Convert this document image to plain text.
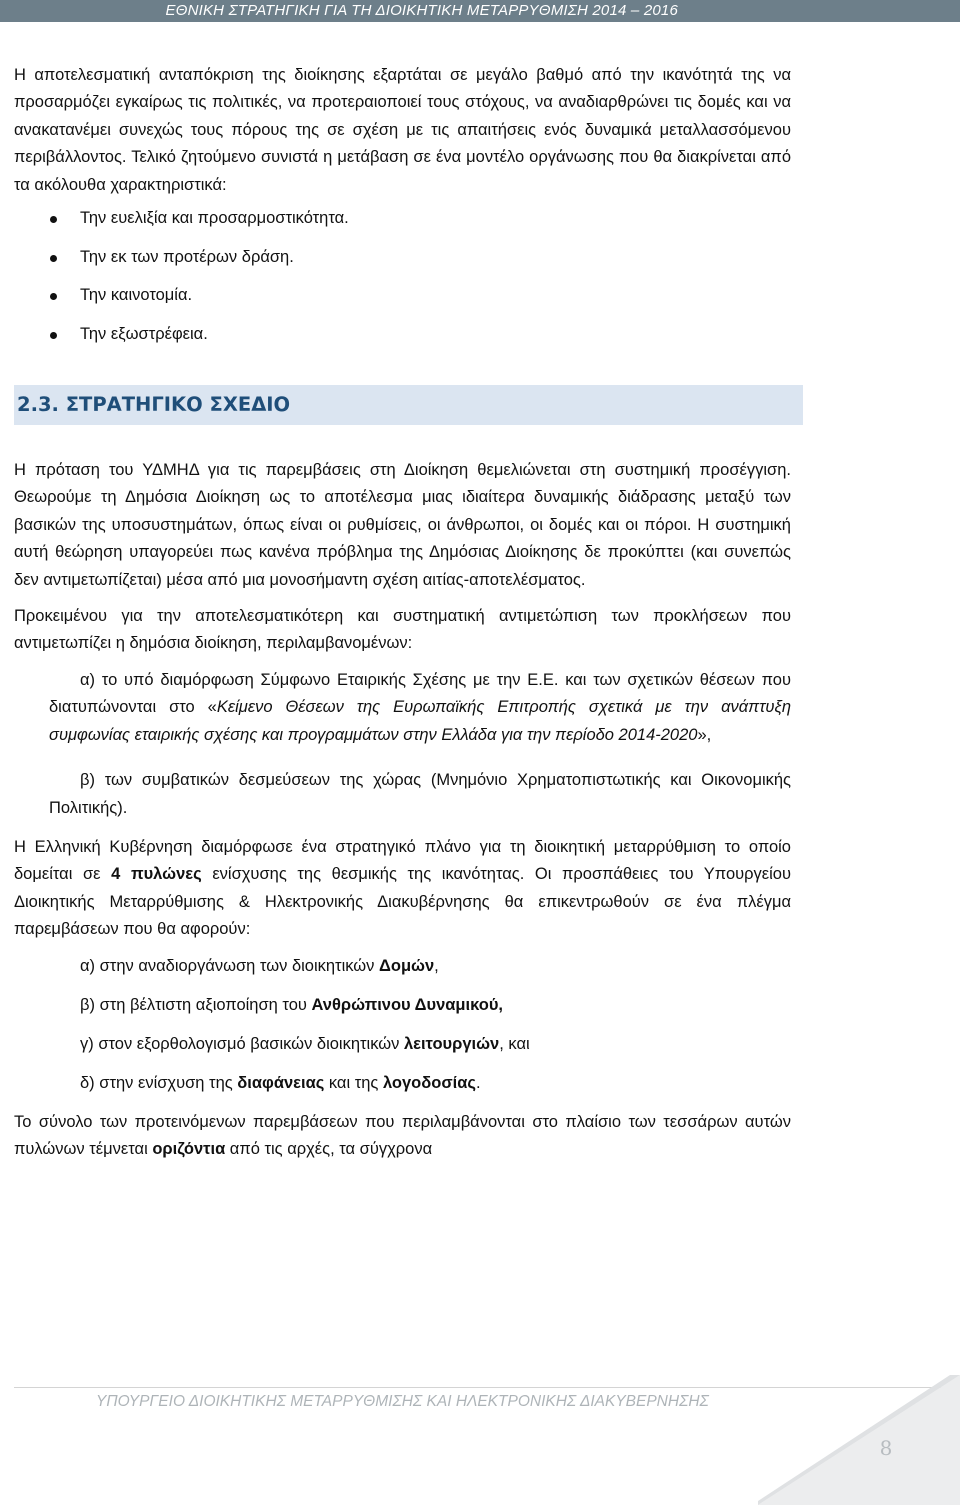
ΕΘΝΙΚΗ ΣΤΡΑΤΗΓΙΚΗ ΓΙΑ ΤΗ ΔΙΟΙΚΗΤΙΚΗ ΜΕΤΑΡΡΥΘΜΙΣΗ 2014 – 2016

Η αποτελεσματική ανταπόκριση της διοίκησης εξαρτάται σε μεγάλο βαθμό από την ικανότητά της να προσαρμόζει εγκαίρως τις πολιτικές, να προτεραιοποιεί τους στόχους, να αναδιαρθρώνει τις δομές και να ανακατανέμει συνεχώς τους πόρους της σε σχέση με τις απαιτήσεις ενός δυναμικά μεταλλασσόμενου περιβάλλοντος. Τελικό ζητούμενο συνιστά η μετάβαση σε ένα μοντέλο οργάνωσης που θα διακρίνεται από τα ακόλουθα χαρακτηριστικά:

Την ευελιξία και προσαρμοστικότητα.
Την εκ των προτέρων δράση.
Την καινοτομία.
Την εξωστρέφεια.
2.3. ΣΤΡΑΤΗΓΙΚΟ ΣΧΕΔΙΟ

Η πρόταση του ΥΔΜΗΔ για τις παρεμβάσεις στη Διοίκηση θεμελιώνεται στη συστημική προσέγγιση. Θεωρούμε τη Δημόσια Διοίκηση ως το αποτέλεσμα μιας ιδιαίτερα δυναμικής διάδρασης μεταξύ των βασικών της υποσυστημάτων, όπως είναι οι ρυθμίσεις, οι άνθρωποι, οι δομές και οι πόροι. Η συστημική αυτή θεώρηση υπαγορεύει πως κανένα πρόβλημα της Δημόσιας Διοίκησης δε προκύπτει (και συνεπώς δεν αντιμετωπίζεται) μέσα από μια μονοσήμαντη σχέση αιτίας-αποτελέσματος.

Προκειμένου για την αποτελεσματικότερη και συστηματική αντιμετώπιση των προκλήσεων που αντιμετωπίζει η δημόσια διοίκηση, περιλαμβανομένων:

α) το υπό διαμόρφωση Σύμφωνο Εταιρικής Σχέσης με την Ε.Ε. και των σχετικών θέσεων που διατυπώνονται στο «Κείμενο Θέσεων της Ευρωπαϊκής Επιτροπής σχετικά με την ανάπτυξη συμφωνίας εταιρικής σχέσης και προγραμμάτων στην Ελλάδα για την περίοδο 2014-2020»,

β) των συμβατικών δεσμεύσεων της χώρας (Μνημόνιο Χρηματοπιστωτικής και Οικονομικής Πολιτικής).

Η Ελληνική Κυβέρνηση διαμόρφωσε ένα στρατηγικό πλάνο για τη διοικητική μεταρρύθμιση το οποίο δομείται σε 4 πυλώνες ενίσχυσης της θεσμικής της ικανότητας. Οι προσπάθειες του Υπουργείου Διοικητικής Μεταρρύθμισης & Ηλεκτρονικής Διακυβέρνησης θα επικεντρωθούν σε ένα πλέγμα παρεμβάσεων που θα αφορούν:

α) στην αναδιοργάνωση των διοικητικών Δομών,

β) στη βέλτιστη αξιοποίηση του Ανθρώπινου Δυναμικού,

γ) στον εξορθολογισμό βασικών διοικητικών λειτουργιών, και

δ) στην ενίσχυση της διαφάνειας και της λογοδοσίας.

Το σύνολο των προτεινόμενων παρεμβάσεων που περιλαμβάνονται στο πλαίσιο των τεσσάρων αυτών πυλώνων τέμνεται οριζόντια από τις αρχές, τα σύγχρονα

ΥΠΟΥΡΓΕΙΟ ΔΙΟΙΚΗΤΙΚΗΣ ΜΕΤΑΡΡΥΘΜΙΣΗΣ ΚΑΙ ΗΛΕΚΤΡΟΝΙΚΗΣ ΔΙΑΚΥΒΕΡΝΗΣΗΣ
8
